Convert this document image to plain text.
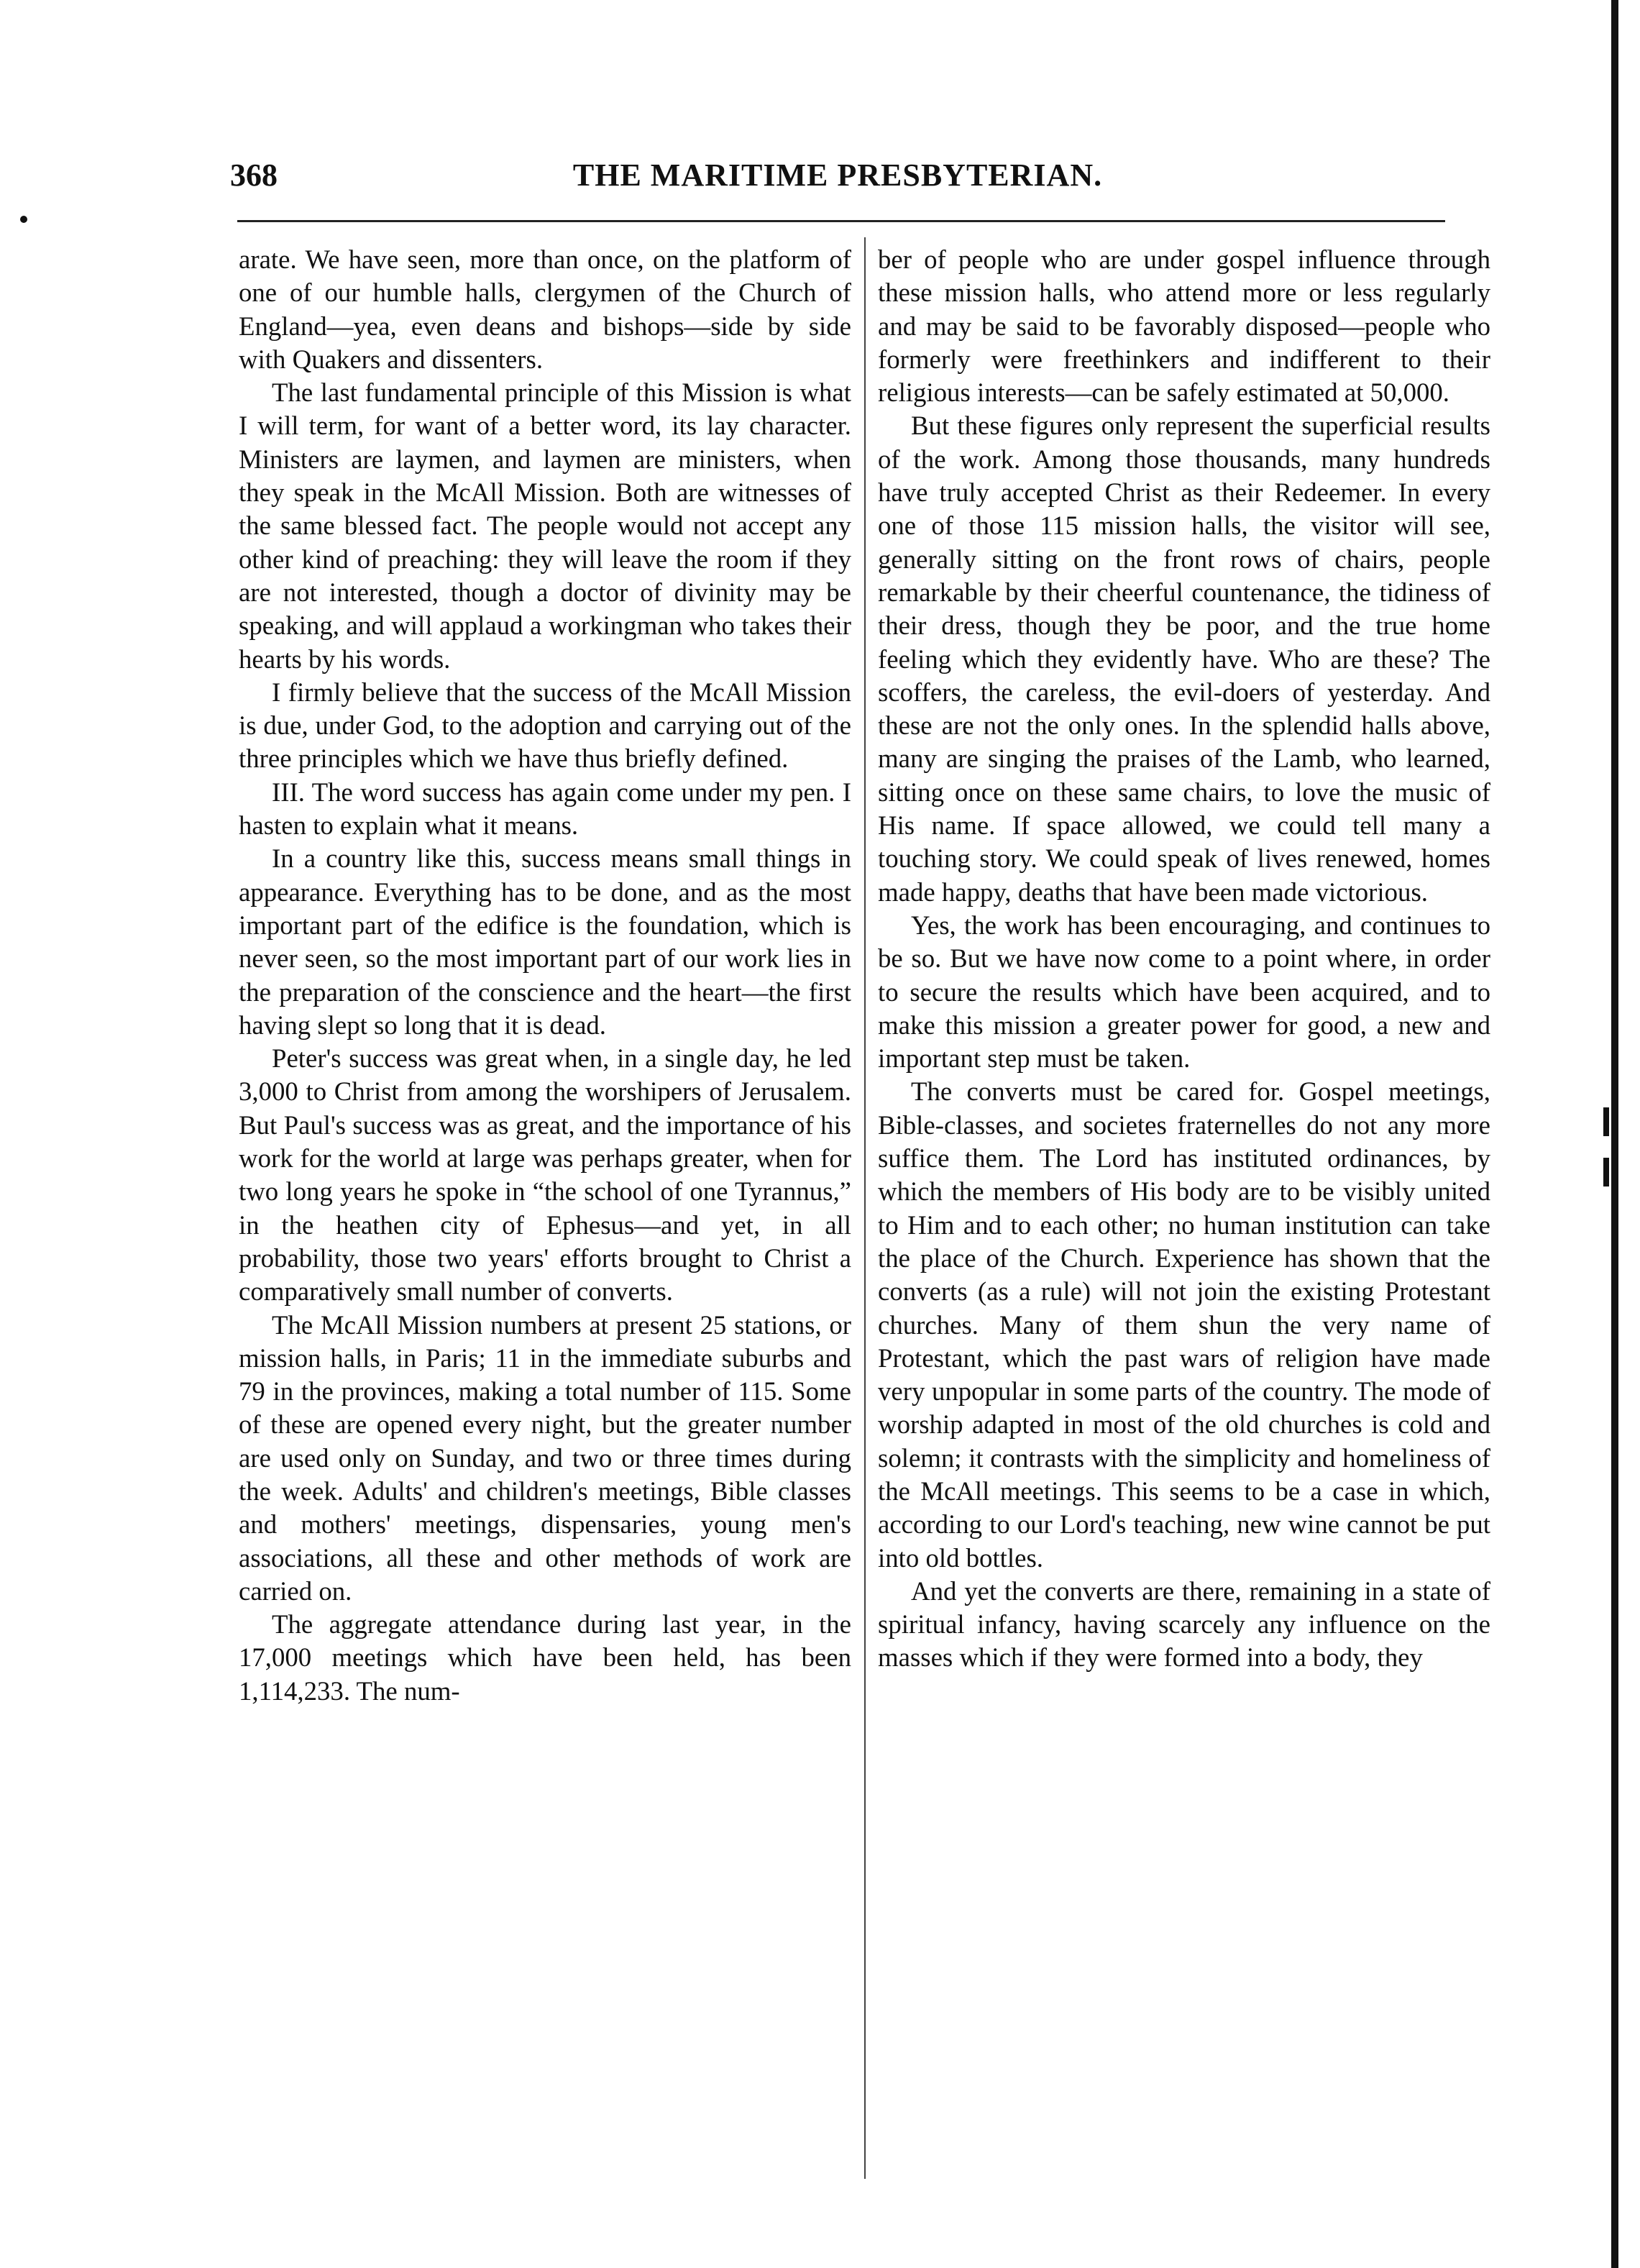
368	THE MARITIME PRESBYTERIAN.

arate. We have seen, more than once, on the platform of one of our humble halls, clergymen of the Church of England—yea, even deans and bishops—side by side with Quakers and dissenters.

The last fundamental principle of this Mission is what I will term, for want of a better word, its lay character. Ministers are laymen, and laymen are ministers, when they speak in the McAll Mission. Both are witnesses of the same blessed fact. The people would not accept any other kind of preaching: they will leave the room if they are not interested, though a doctor of divinity may be speaking, and will applaud a workingman who takes their hearts by his words.

I firmly believe that the success of the McAll Mission is due, under God, to the adoption and carrying out of the three principles which we have thus briefly defined.

III. The word success has again come under my pen. I hasten to explain what it means.

In a country like this, success means small things in appearance. Everything has to be done, and as the most important part of the edifice is the foundation, which is never seen, so the most important part of our work lies in the preparation of the conscience and the heart—the first having slept so long that it is dead.

Peter's success was great when, in a single day, he led 3,000 to Christ from among the worshipers of Jerusalem. But Paul's success was as great, and the importance of his work for the world at large was perhaps greater, when for two long years he spoke in “the school of one Tyrannus,” in the heathen city of Ephesus—and yet, in all probability, those two years' efforts brought to Christ a comparatively small number of converts.

The McAll Mission numbers at present 25 stations, or mission halls, in Paris; 11 in the immediate suburbs and 79 in the provinces, making a total number of 115. Some of these are opened every night, but the greater number are used only on Sunday, and two or three times during the week. Adults' and children's meetings, Bible classes and mothers' meetings, dispensaries, young men's associations, all these and other methods of work are carried on.

The aggregate attendance during last year, in the 17,000 meetings which have been held, has been 1,114,233. The num-

ber of people who are under gospel influence through these mission halls, who attend more or less regularly and may be said to be favorably disposed—people who formerly were freethinkers and indifferent to their religious interests—can be safely estimated at 50,000.

But these figures only represent the superficial results of the work. Among those thousands, many hundreds have truly accepted Christ as their Redeemer. In every one of those 115 mission halls, the visitor will see, generally sitting on the front rows of chairs, people remarkable by their cheerful countenance, the tidiness of their dress, though they be poor, and the true home feeling which they evidently have. Who are these? The scoffers, the careless, the evil-doers of yesterday. And these are not the only ones. In the splendid halls above, many are singing the praises of the Lamb, who learned, sitting once on these same chairs, to love the music of His name. If space allowed, we could tell many a touching story. We could speak of lives renewed, homes made happy, deaths that have been made victorious.

Yes, the work has been encouraging, and continues to be so. But we have now come to a point where, in order to secure the results which have been acquired, and to make this mission a greater power for good, a new and important step must be taken.

The converts must be cared for. Gospel meetings, Bible-classes, and societes fraternelles do not any more suffice them. The Lord has instituted ordinances, by which the members of His body are to be visibly united to Him and to each other; no human institution can take the place of the Church. Experience has shown that the converts (as a rule) will not join the existing Protestant churches. Many of them shun the very name of Protestant, which the past wars of religion have made very unpopular in some parts of the country. The mode of worship adapted in most of the old churches is cold and solemn; it contrasts with the simplicity and homeliness of the McAll meetings. This seems to be a case in which, according to our Lord's teaching, new wine cannot be put into old bottles.

And yet the converts are there, remaining in a state of spiritual infancy, having scarcely any influence on the masses which if they were formed into a body, they
